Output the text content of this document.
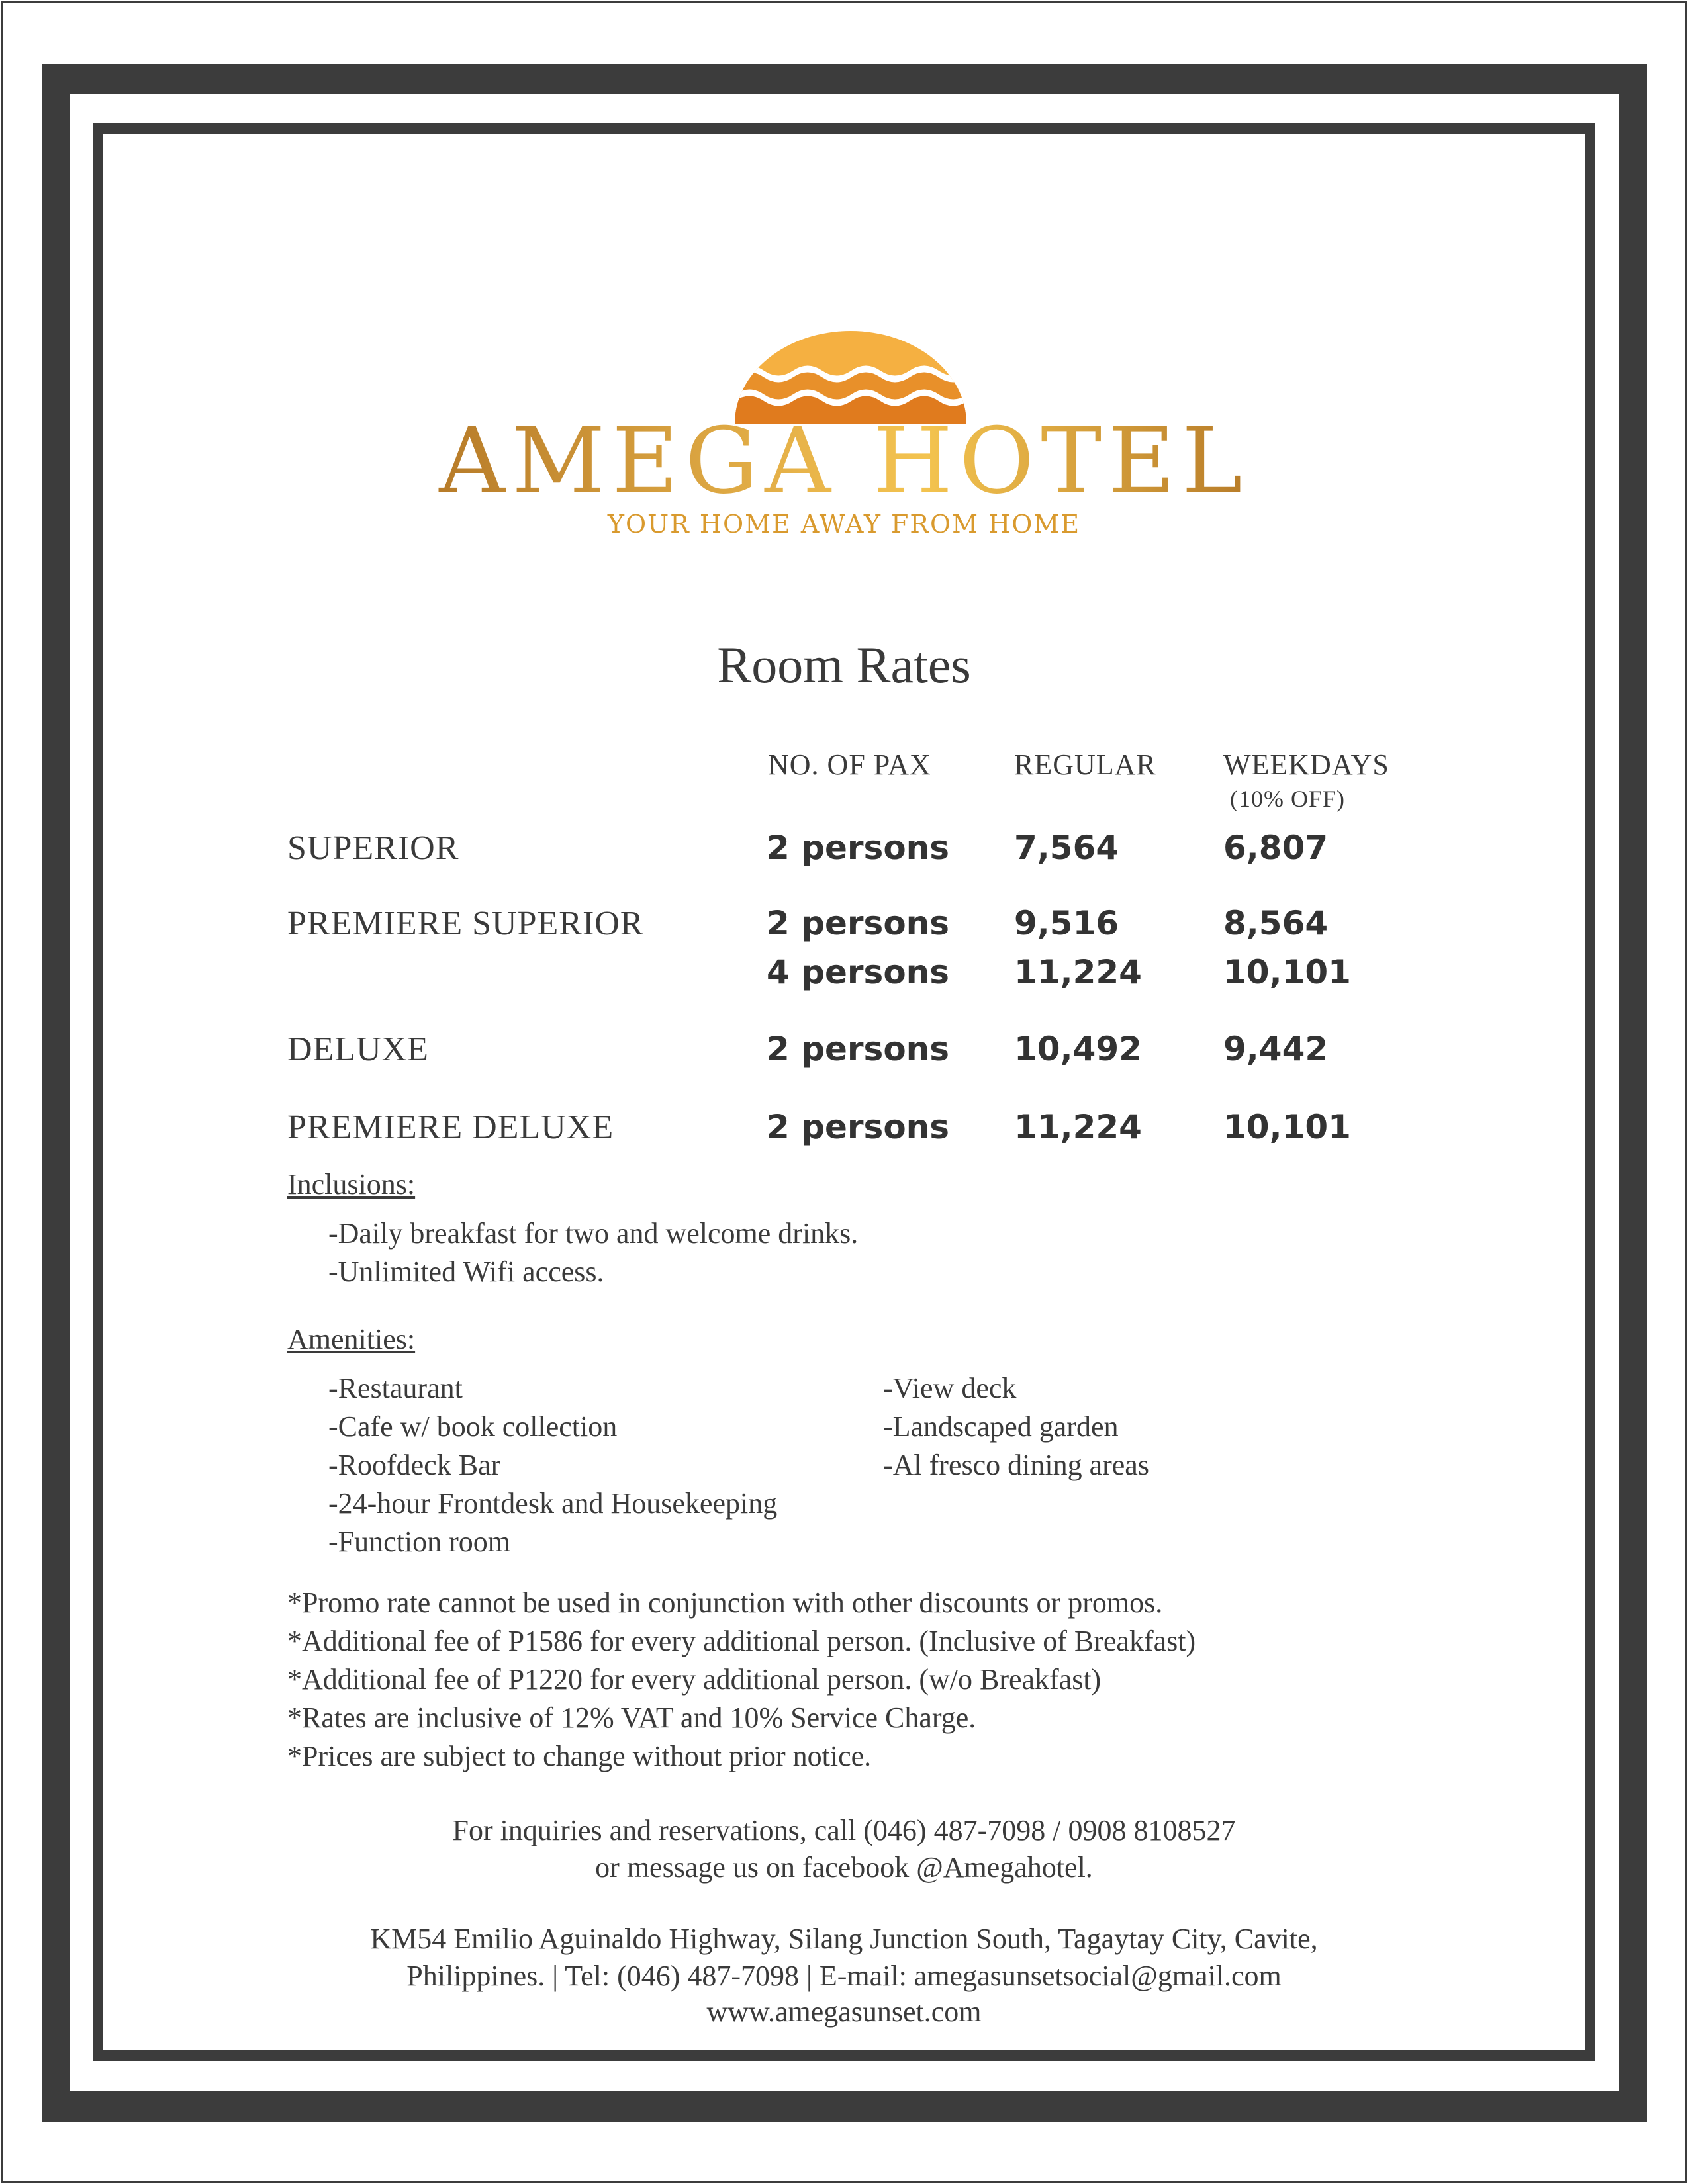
AMEGA HOTEL
YOUR HOME AWAY FROM HOME
Room Rates
NO. OF PAX	REGULAR WEEKDAYS
(10% OFF)
SUPERIOR	2 persons 7,564	6,807
PREMIERE SUPERIOR	2 persons 9,516	8,564
4 persons 11,224 10,101
DELUXE	2 persons 10,492 9,442
PREMIERE DELUXE	2 persons 11,224 10,101
Inclusions:
-Daily breakfast for two and welcome drinks.
-Unlimited Wifi access.
Amenities:
-Restaurant
-Cafe w/ book collection
-Roofdeck Bar
-24-hour Frontdesk and Housekeeping
-Function room
-View deck
-Landscaped garden
-Al fresco dining areas
*Promo rate cannot be used in conjunction with other discounts or promos.
*Additional fee of P1586 for every additional person. (Inclusive of Breakfast)
*Additional fee of P1220 for every additional person. (w/o Breakfast)
*Rates are inclusive of 12% VAT and 10% Service Charge.
*Prices are subject to change without prior notice.
For inquiries and reservations, call (046) 487-7098 / 0908 8108527
or message us on facebook @Amegahotel.
KM54 Emilio Aguinaldo Highway, Silang Junction South, Tagaytay City, Cavite,
Philippines. | Tel: (046) 487-7098 | E-mail: amegasunsetsocial@gmail.com
www.amegasunset.com
